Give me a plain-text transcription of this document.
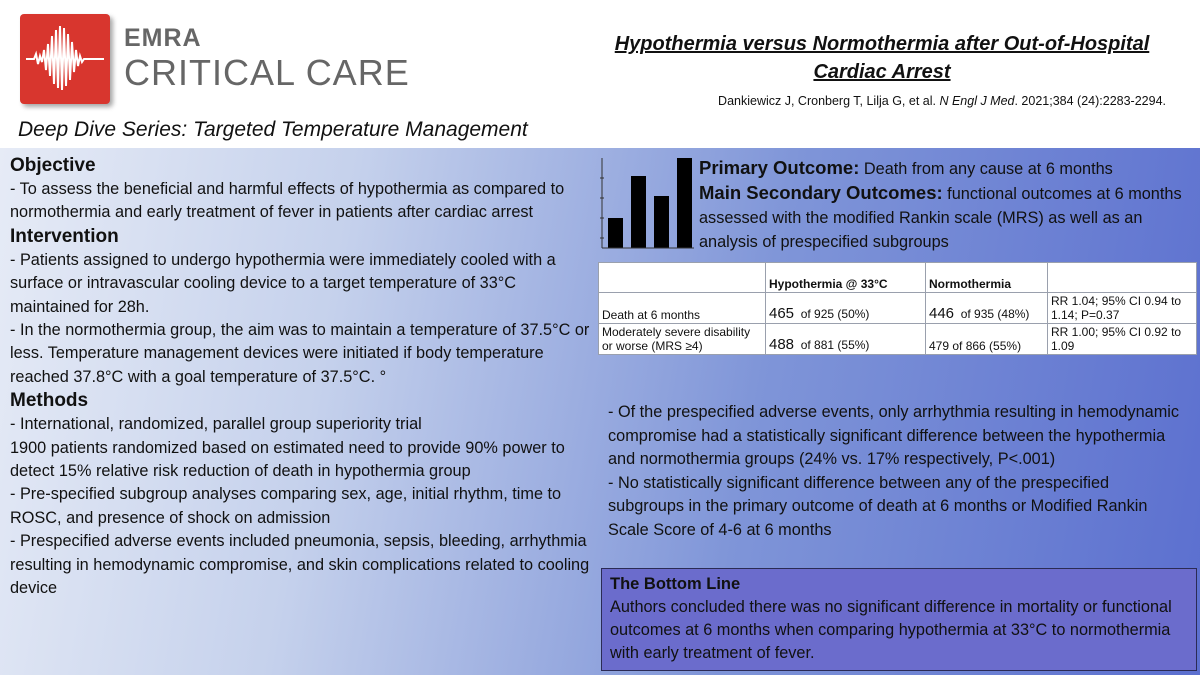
EMRA
CRITICAL CARE
Deep Dive Series: Targeted Temperature Management
Hypothermia versus Normothermia after Out-of-Hospital Cardiac Arrest
Dankiewicz J, Cronberg T, Lilja G, et al. N Engl J Med. 2021;384 (24):2283-2294.
Objective

- To assess the beneficial and harmful effects of hypothermia as compared to normothermia and early treatment of fever in patients after cardiac arrest

Intervention

- Patients assigned to undergo hypothermia were immediately cooled with a surface or intravascular cooling device to a target temperature of 33°C maintained for 28h.

- In the normothermia group, the aim was to maintain a temperature of 37.5°C or less. Temperature management devices were initiated if body temperature reached 37.8°C with a goal temperature of 37.5°C. °

Methods

- International, randomized, parallel group superiority trial

1900 patients randomized based on estimated need to provide 90% power to detect 15% relative risk reduction of death in hypothermia group

- Pre-specified subgroup analyses comparing sex, age, initial rhythm, time to ROSC, and presence of shock on admission

- Prespecified adverse events included pneumonia, sepsis, bleeding, arrhythmia resulting in hemodynamic compromise, and skin complications related to cooling device

Primary Outcome: Death from any cause at 6 months
Main Secondary Outcomes: functional outcomes at 6 months assessed with the modified Rankin scale (MRS) as well as an analysis of prespecified subgroups
	Hypothermia @ 33°C	Normothermia	
Death at 6 months	465 of 925 (50%)	446 of 935 (48%)	RR 1.04; 95% CI 0.94 to 1.14; P=0.37
Moderately severe disability or worse (MRS ≥4)	488 of 881 (55%)	479 of 866 (55%)	RR 1.00; 95% CI 0.92 to 1.09

- Of the prespecified adverse events, only arrhythmia resulting in hemodynamic compromise had a statistically significant difference between the hypothermia and normothermia groups (24% vs. 17% respectively, P<.001)

- No statistically significant difference between any of the prespecified subgroups in the primary outcome of death at 6 months or Modified Rankin Scale Score of 4-6 at 6 months

The Bottom Line
Authors concluded there was no significant difference in mortality or functional outcomes at 6 months when comparing hypothermia at 33°C to normothermia with early treatment of fever.
